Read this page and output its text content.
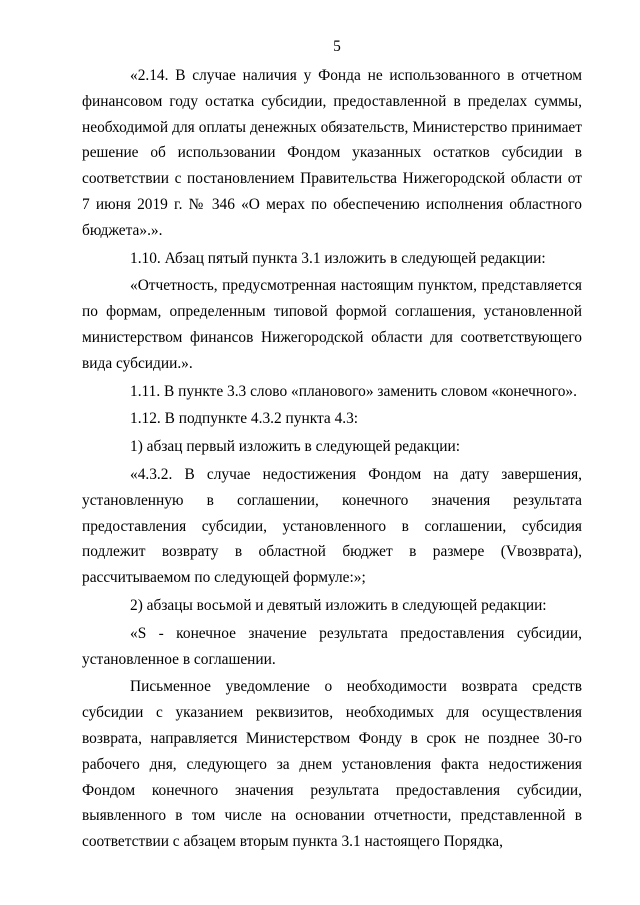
5

«2.14. В случае наличия у Фонда не использованного в отчетном финансовом году остатка субсидии, предоставленной в пределах суммы, необходимой для оплаты денежных обязательств, Министерство принимает решение об использовании Фондом указанных остатков субсидии в соответствии с постановлением Правительства Нижегородской области от 7 июня 2019 г. № 346 «О мерах по обеспечению исполнения областного бюджета».».

1.10. Абзац пятый пункта 3.1 изложить в следующей редакции:

«Отчетность, предусмотренная настоящим пунктом, представляется по формам, определенным типовой формой соглашения, установленной министерством финансов Нижегородской области для соответствующего вида субсидии.».

1.11. В пункте 3.3 слово «планового» заменить словом «конечного».

1.12. В подпункте 4.3.2 пункта 4.3:

1) абзац первый изложить в следующей редакции:

«4.3.2. В случае недостижения Фондом на дату завершения, установленную в соглашении, конечного значения результата предоставления субсидии, установленного в соглашении, субсидия подлежит возврату в областной бюджет в размере (Vвозврата), рассчитываемом по следующей формуле:»;

2) абзацы восьмой и девятый изложить в следующей редакции:

«S - конечное значение результата предоставления субсидии, установленное в соглашении.

Письменное уведомление о необходимости возврата средств субсидии с указанием реквизитов, необходимых для осуществления возврата, направляется Министерством Фонду в срок не позднее 30-го рабочего дня, следующего за днем установления факта недостижения Фондом конечного значения результата предоставления субсидии, выявленного в том числе на основании отчетности, представленной в соответствии с абзацем вторым пункта 3.1 настоящего Порядка,
